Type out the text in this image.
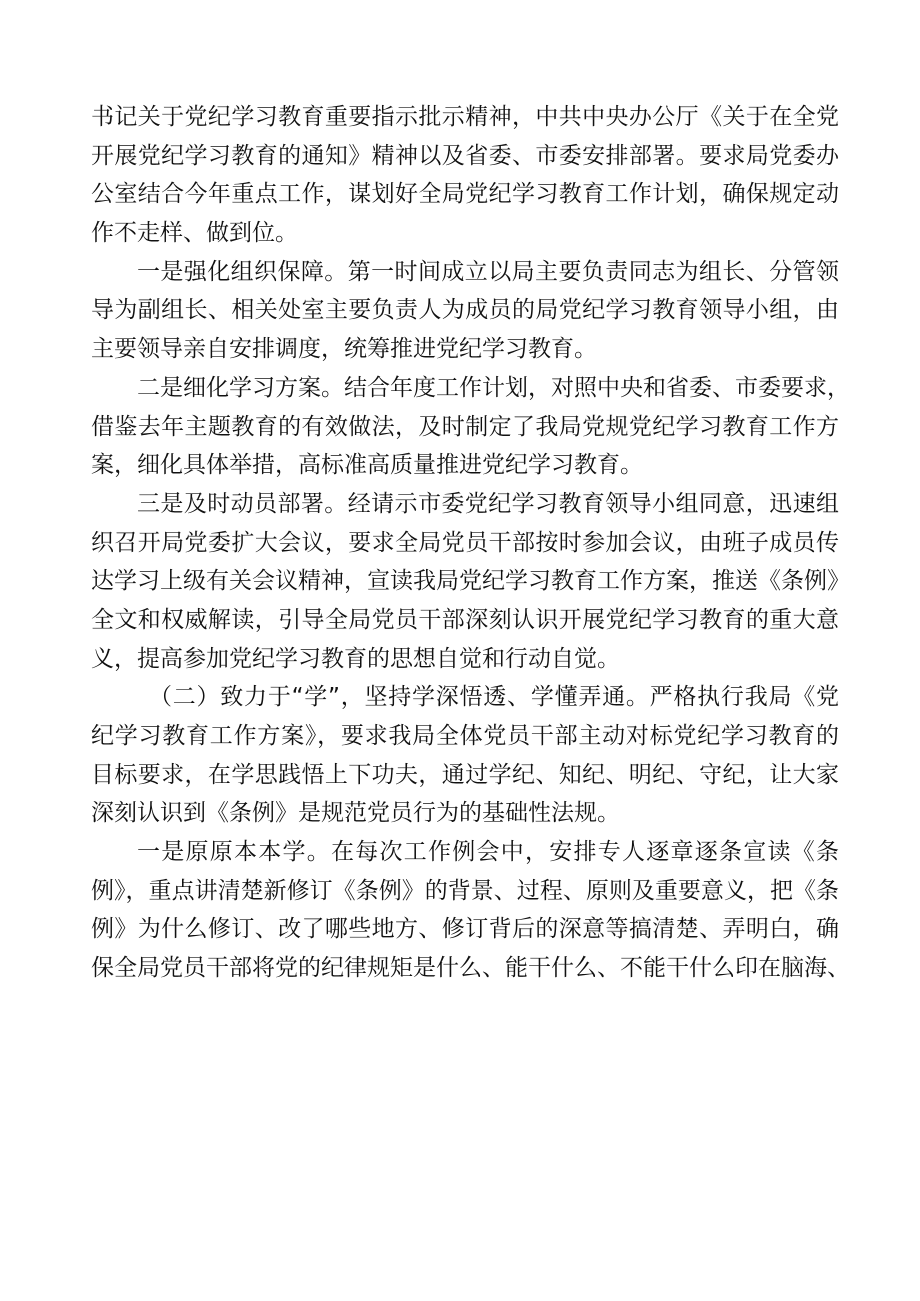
书记关于党纪学习教育重要指示批示精神，中共中央办公厅《关于在全党
开展党纪学习教育的通知》精神以及省委、市委安排部署。要求局党委办
公室结合今年重点工作，谋划好全局党纪学习教育工作计划，确保规定动
作不走样、做到位。
一是强化组织保障。第一时间成立以局主要负责同志为组长、分管领
导为副组长、相关处室主要负责人为成员的局党纪学习教育领导小组，由
主要领导亲自安排调度，统筹推进党纪学习教育。
二是细化学习方案。结合年度工作计划，对照中央和省委、市委要求，
借鉴去年主题教育的有效做法，及时制定了我局党规党纪学习教育工作方
案，细化具体举措，高标准高质量推进党纪学习教育。
三是及时动员部署。经请示市委党纪学习教育领导小组同意，迅速组
织召开局党委扩大会议，要求全局党员干部按时参加会议，由班子成员传
达学习上级有关会议精神，宣读我局党纪学习教育工作方案，推送《条例》
全文和权威解读，引导全局党员干部深刻认识开展党纪学习教育的重大意
义，提高参加党纪学习教育的思想自觉和行动自觉。
（二）致力于“学”，坚持学深悟透、学懂弄通。严格执行我局《党
纪学习教育工作方案》，要求我局全体党员干部主动对标党纪学习教育的
目标要求，在学思践悟上下功夫，通过学纪、知纪、明纪、守纪，让大家
深刻认识到《条例》是规范党员行为的基础性法规。
一是原原本本学。在每次工作例会中，安排专人逐章逐条宣读《条
例》，重点讲清楚新修订《条例》的背景、过程、原则及重要意义，把《条
例》为什么修订、改了哪些地方、修订背后的深意等搞清楚、弄明白，确
保全局党员干部将党的纪律规矩是什么、能干什么、不能干什么印在脑海、
